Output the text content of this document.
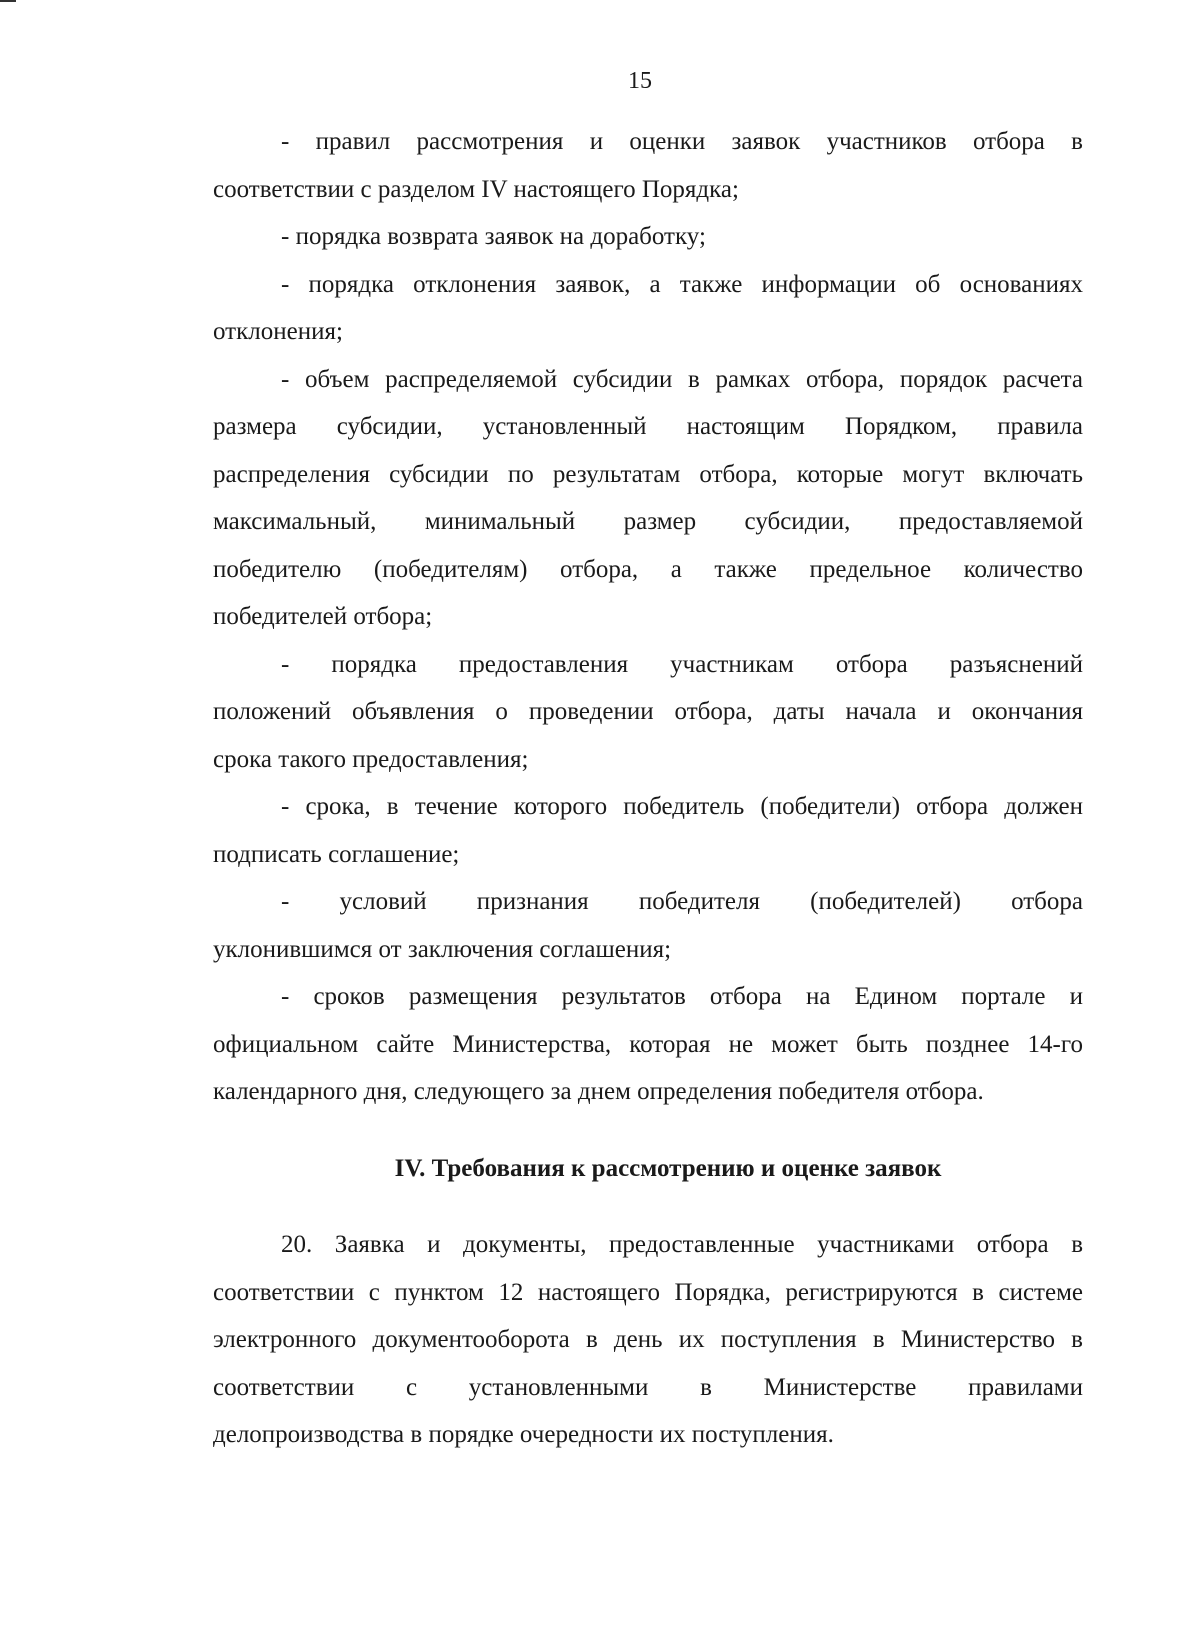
15
- правил рассмотрения и оценки заявок участников отбора в
соответствии с разделом IV настоящего Порядка;
- порядка возврата заявок на доработку;
- порядка отклонения заявок, а также информации об основаниях
отклонения;
- объем распределяемой субсидии в рамках отбора, порядок расчета
размера субсидии, установленный настоящим Порядком, правила
распределения субсидии по результатам отбора, которые могут включать
максимальный, минимальный размер субсидии, предоставляемой
победителю (победителям) отбора, а также предельное количество
победителей отбора;
- порядка предоставления участникам отбора разъяснений
положений объявления о проведении отбора, даты начала и окончания
срока такого предоставления;
- срока, в течение которого победитель (победители) отбора должен
подписать соглашение;
- условий признания победителя (победителей) отбора
уклонившимся от заключения соглашения;
- сроков размещения результатов отбора на Едином портале и
официальном сайте Министерства, которая не может быть позднее 14-го
календарного дня, следующего за днем определения победителя отбора.
IV. Требования к рассмотрению и оценке заявок
20. Заявка и документы, предоставленные участниками отбора в
соответствии с пунктом 12 настоящего Порядка, регистрируются в системе
электронного документооборота в день их поступления в Министерство в
соответствии с установленными в Министерстве правилами
делопроизводства в порядке очередности их поступления.
